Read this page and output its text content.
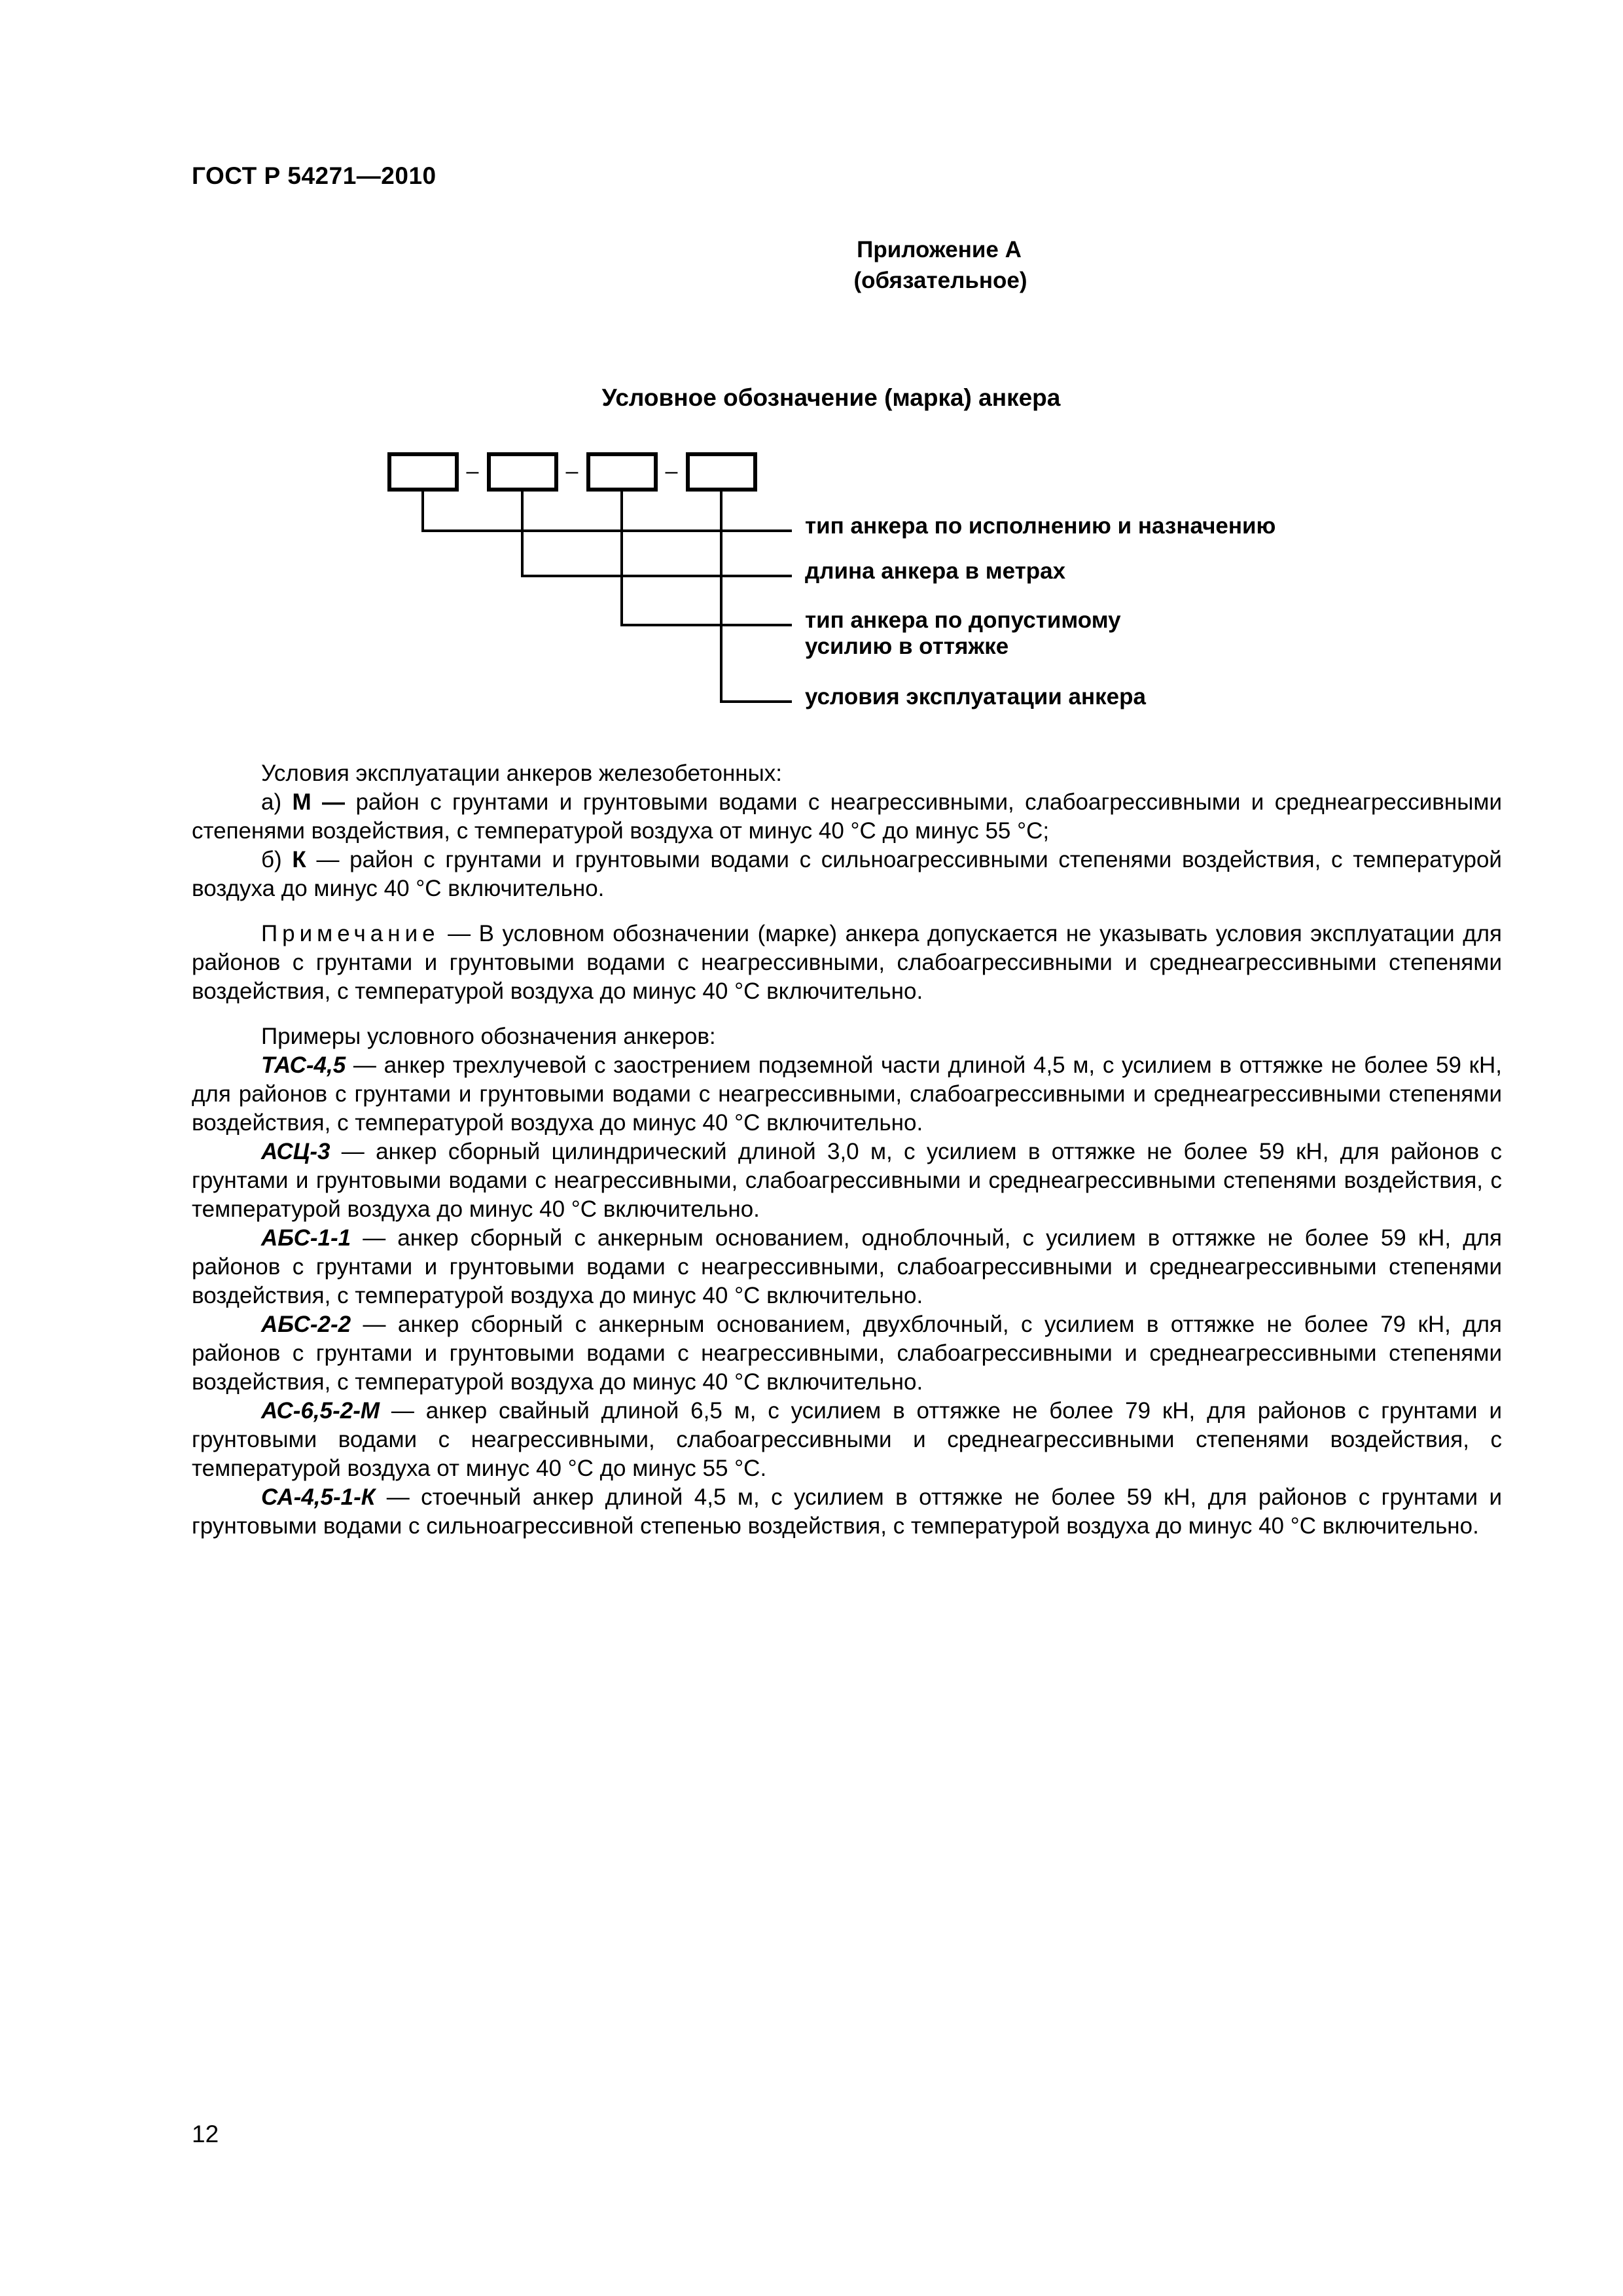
ГОСТ Р 54271—2010
Приложение А
(обязательное)
Условное обозначение (марка) анкера
–	–	–
тип анкера по исполнению и назначению
длина анкера в метрах
тип анкера по допустимому
усилию в оттяжке
условия эксплуатации анкера

Условия эксплуатации анкеров железобетонных:

а) М — район с грунтами и грунтовыми водами с неагрессивными, слабоагрессивными и среднеагрессивными степенями воздействия, с температурой воздуха от минус 40 °С до минус 55 °С;

б) К — район с грунтами и грунтовыми водами с сильноагрессивными степенями воздействия, с температурой воздуха до минус 40 °С включительно.

Примечание — В условном обозначении (марке) анкера допускается не указывать условия эксплуатации для районов с грунтами и грунтовыми водами с неагрессивными, слабоагрессивными и среднеагрессивными степенями воздействия, с температурой воздуха до минус 40 °С включительно.

Примеры условного обозначения анкеров:

ТАС-4,5 — анкер трехлучевой с заострением подземной части длиной 4,5 м, с усилием в оттяжке не более 59 кН, для районов с грунтами и грунтовыми водами с неагрессивными, слабоагрессивными и среднеагрессивными степенями воздействия, с температурой воздуха до минус 40 °С включительно.

АСЦ-3 — анкер сборный цилиндрический длиной 3,0 м, с усилием в оттяжке не более 59 кН, для районов с грунтами и грунтовыми водами с неагрессивными, слабоагрессивными и среднеагрессивными степенями воздействия, с температурой воздуха до минус 40 °С включительно.

АБС-1-1 — анкер сборный с анкерным основанием, одноблочный, с усилием в оттяжке не более 59 кН, для районов с грунтами и грунтовыми водами с неагрессивными, слабоагрессивными и среднеагрессивными степенями воздействия, с температурой воздуха до минус 40 °С включительно.

АБС-2-2 — анкер сборный с анкерным основанием, двухблочный, с усилием в оттяжке не более 79 кН, для районов с грунтами и грунтовыми водами с неагрессивными, слабоагрессивными и среднеагрессивными степенями воздействия, с температурой воздуха до минус 40 °С включительно.

АС-6,5-2-М — анкер свайный длиной 6,5 м, с усилием в оттяжке не более 79 кН, для районов с грунтами и грунтовыми водами с неагрессивными, слабоагрессивными и среднеагрессивными степенями воздействия, с температурой воздуха от минус 40 °С до минус 55 °С.

СА-4,5-1-К — стоечный анкер длиной 4,5 м, с усилием в оттяжке не более 59 кН, для районов с грунтами и грунтовыми водами с сильноагрессивной степенью воздействия, с температурой воздуха до минус 40 °С включительно.

12
